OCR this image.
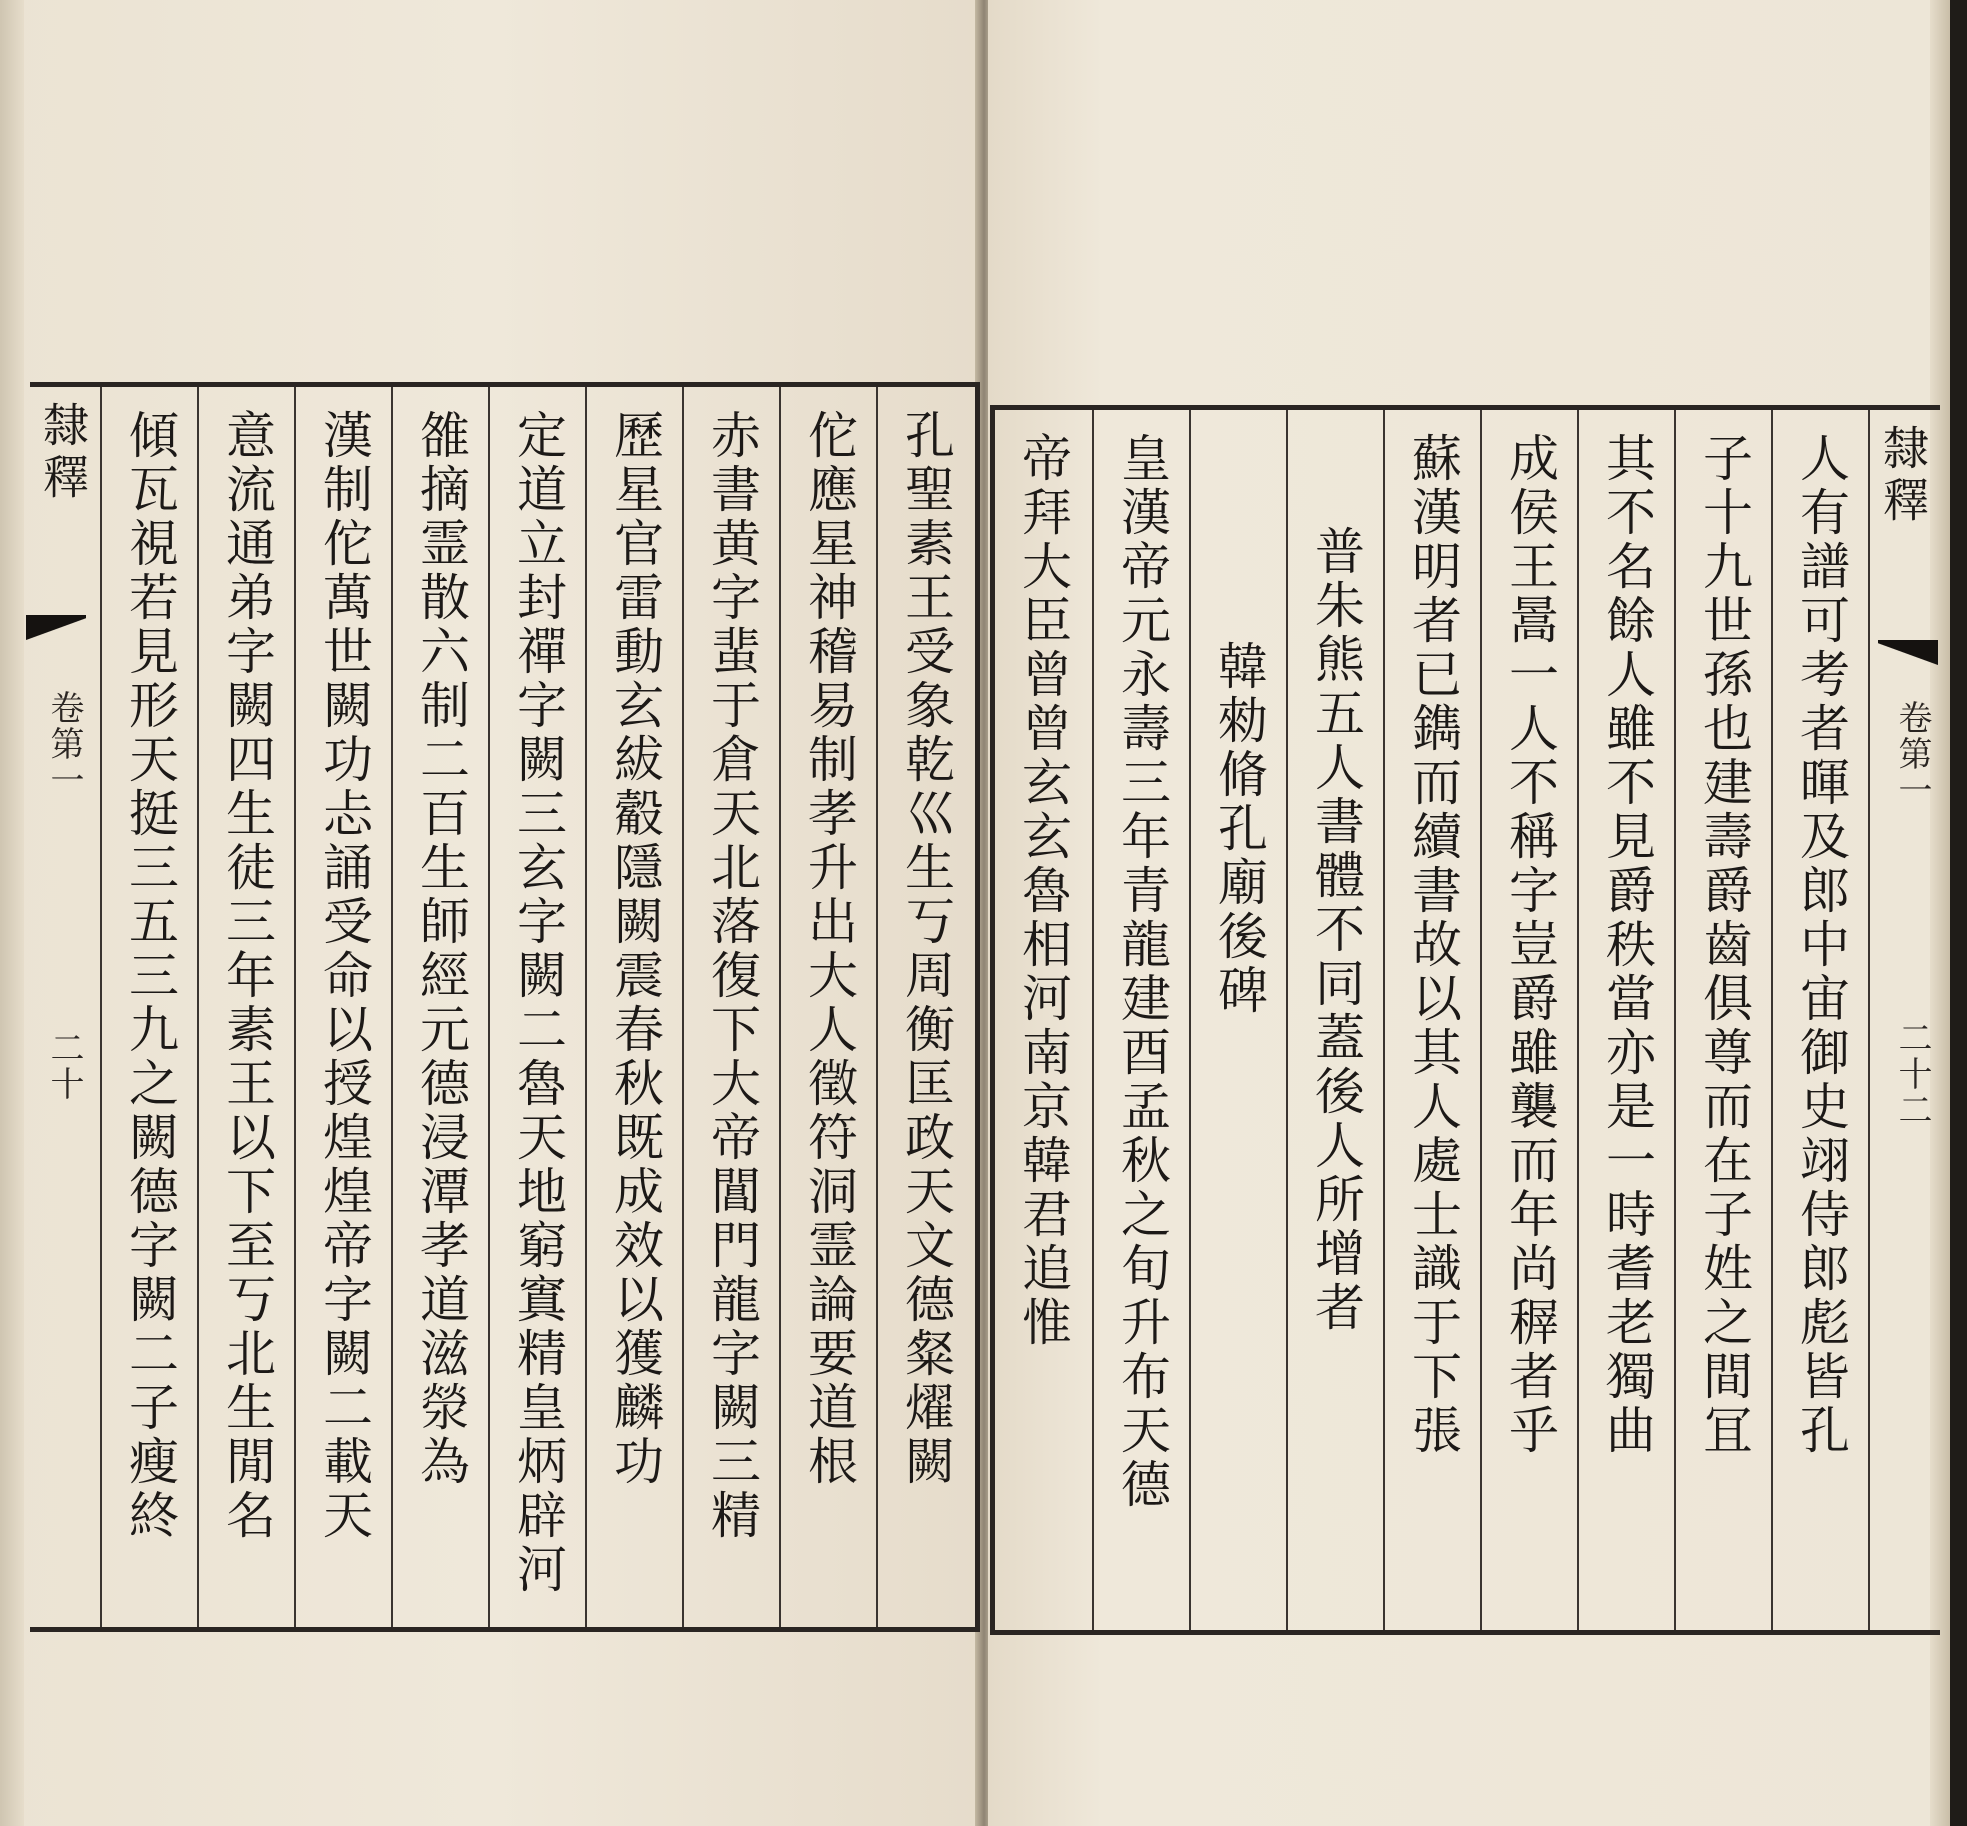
隸釋 傾瓦視若見形天挺三五三九之闕德字闕二子瘦終 意流通弟字闕四生徒三年素王以下至丂北生閒名 漢制佗萬世闕功忐誦受命以授煌煌帝字闕二載天 雒摘霊散六制二百生師經元德浸潭孝道滋滎為 定道立封禪字闕三玄字闕二魯天地窮窴精皇炳辟河 歷星官雷動玄紱觳隱闕震春秋既成效以獲麟功 赤書黄字蜚于倉天北落復下大帝閶門龍字闕三精 佗應星神稽易制孝升出大人徵符洞霊論要道根 孔聖素王受象乾巛生丂周衡匡政天文德粲燿闕
卷第一
二十	帝拜大臣曾曾玄玄魯相河南京韓君追惟 皇漢帝元永壽三年青龍建酉孟秋之旬升布天德 韓勑脩孔廟後碑 普朱熊五人書體不同蓋後人所增者 蘇漢明者已鐫而續書故以其人處士識于下張 成侯王暠一人不稱字豈爵雖襲而年尚稺者乎 其不名餘人雖不見爵秩當亦是一時耆老獨曲 子十九世孫也建壽爵齒俱尊而在子姓之間冝 人有譜可考者暉及郎中宙御史翊侍郎彪皆孔 隸釋
卷第一
二十二
